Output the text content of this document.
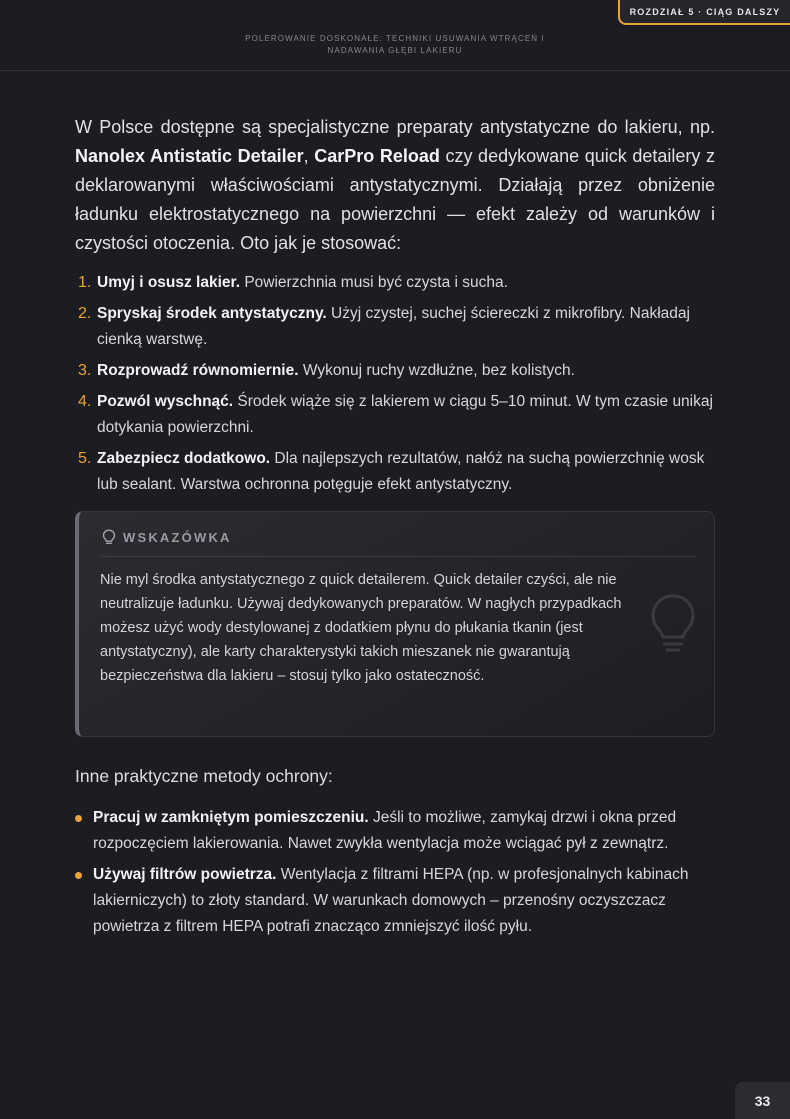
ROZDZIAŁ 5 · CIĄG DALSZY
POLEROWANIE DOSKONAŁE: TECHNIKI USUWANIA WTRĄCEŃ I
NADAWANIA GŁĘBI LAKIERU

W Polsce dostępne są specjalistyczne preparaty antystatyczne do lakieru, np. Nanolex Antistatic Detailer, CarPro Reload czy dedykowane quick detailery z deklarowanymi właściwościami antystatycznymi. Działają przez obniżenie ładunku elektrostatycznego na powierzchni — efekt zależy od warunków i czystości otoczenia. Oto jak je stosować:

1. Umyj i osusz lakier. Powierzchnia musi być czysta i sucha.
2. Spryskaj środek antystatyczny. Użyj czystej, suchej ściereczki z mikrofibry. Nakładaj cienką warstwę.
3. Rozprowadź równomiernie. Wykonuj ruchy wzdłużne, bez kolistych.
4. Pozwól wyschnąć. Środek wiąże się z lakierem w ciągu 5–10 minut. W tym czasie unikaj dotykania powierzchni.
5. Zabezpiecz dodatkowo. Dla najlepszych rezultatów, nałóż na suchą powierzchnię wosk lub sealant. Warstwa ochronna potęguje efekt antystatyczny.
WSKAZÓWKA

Nie myl środka antystatycznego z quick detailerem. Quick detailer czyści, ale nie neutralizuje ładunku. Używaj dedykowanych preparatów. W nagłych przypadkach możesz użyć wody destylowanej z dodatkiem płynu do płukania tkanin (jest antystatyczny), ale karty charakterystyki takich mieszanek nie gwarantują bezpieczeństwa dla lakieru – stosuj tylko jako ostateczność.

Inne praktyczne metody ochrony:

Pracuj w zamkniętym pomieszczeniu. Jeśli to możliwe, zamykaj drzwi i okna przed rozpoczęciem lakierowania. Nawet zwykła wentylacja może wciągać pył z zewnątrz.
Używaj filtrów powietrza. Wentylacja z filtrami HEPA (np. w profesjonalnych kabinach lakierniczych) to złoty standard. W warunkach domowych – przenośny oczyszczacz powietrza z filtrem HEPA potrafi znacząco zmniejszyć ilość pyłu.
33
